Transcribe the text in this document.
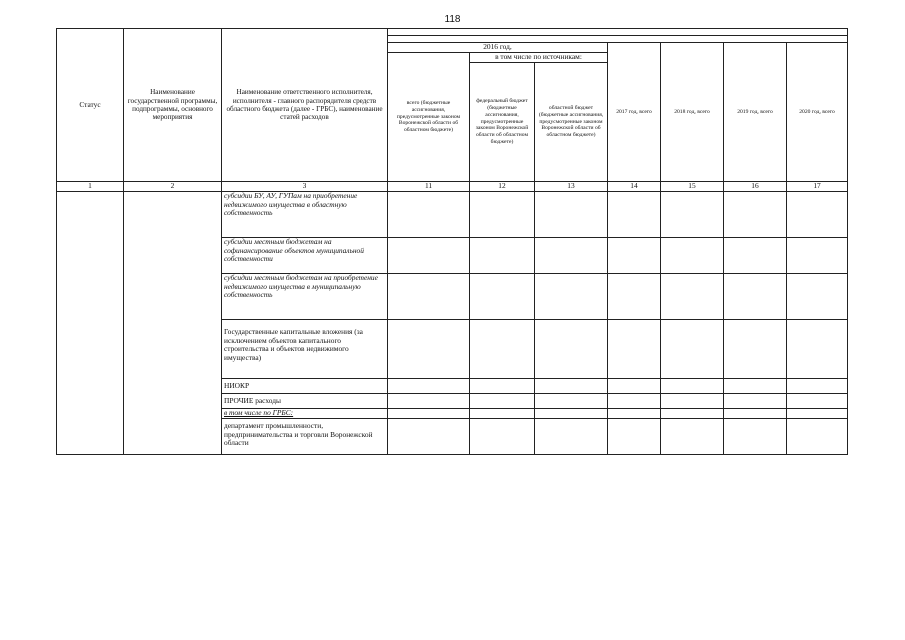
118
Статус	Наименование государственной программы, подпрограммы, основного мероприятия	Наименование ответственного исполнителя, исполнителя - главного распорядителя средств областного бюджета (далее - ГРБС), наименование статей расходов							

			2016 год,			2017 год, всего	2018 год, всего	2019 год, всего	2020 год, всего
			всего (бюджетные ассигнования, предусмотренные законом Воронежской области об областном бюджете)	в том числе по источникам:					
				федеральный бюджет (бюджетные ассигнования, предусмотренные законом Воронежской области об областном бюджете)	областной бюджет (бюджетные ассигнования, предусмотренные законом Воронежской области об областном бюджете)				
1	2	3	11	12	13	14	15	16	17
		субсидии БУ, АУ, ГУПам на приобретение недвижимого имущества в областную собственность							
		субсидии местным бюджетам на софинансирование объектов муниципальной собственности							
		субсидии местным бюджетам на приобретение недвижимого имущества в муниципальную собственность							
		Государственные капитальные вложения (за исключением объектов капитального строительства и объектов недвижимого имущества)							
		НИОКР							
		ПРОЧИЕ расходы							
		в том числе по ГРБС:							
		департамент промышленности, предпринимательства и торговли Воронежской области							
